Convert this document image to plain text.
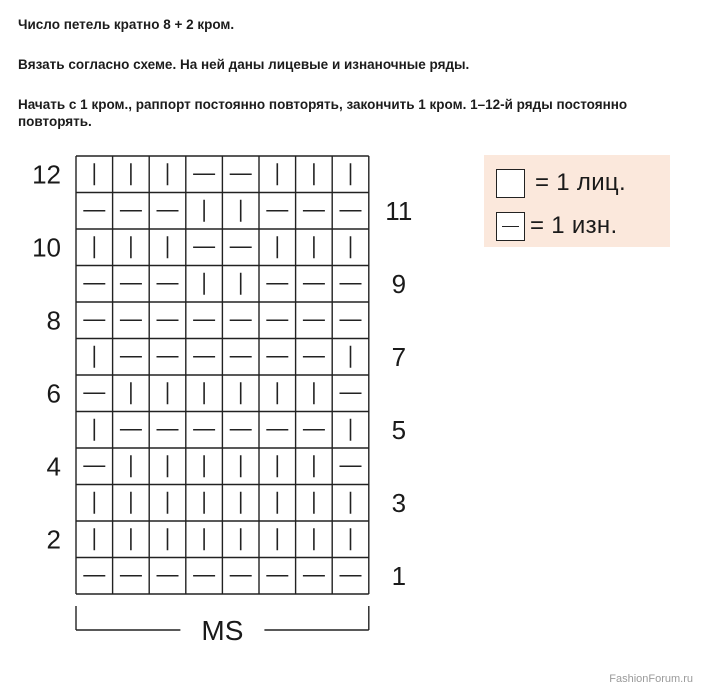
Число петель кратно 8 + 2 кром.
Вязать согласно схеме. На ней даны лицевые и изнаночные ряды.
Начать с 1 кром., раппорт постоянно повторять, закончить 1 кром. 1–12-й ряды постоянно повторять.
12
10
8
6
4
2
11
9
7
5
3
1
MS
= 1 лиц.
= 1 изн.
FashionForum.ru
